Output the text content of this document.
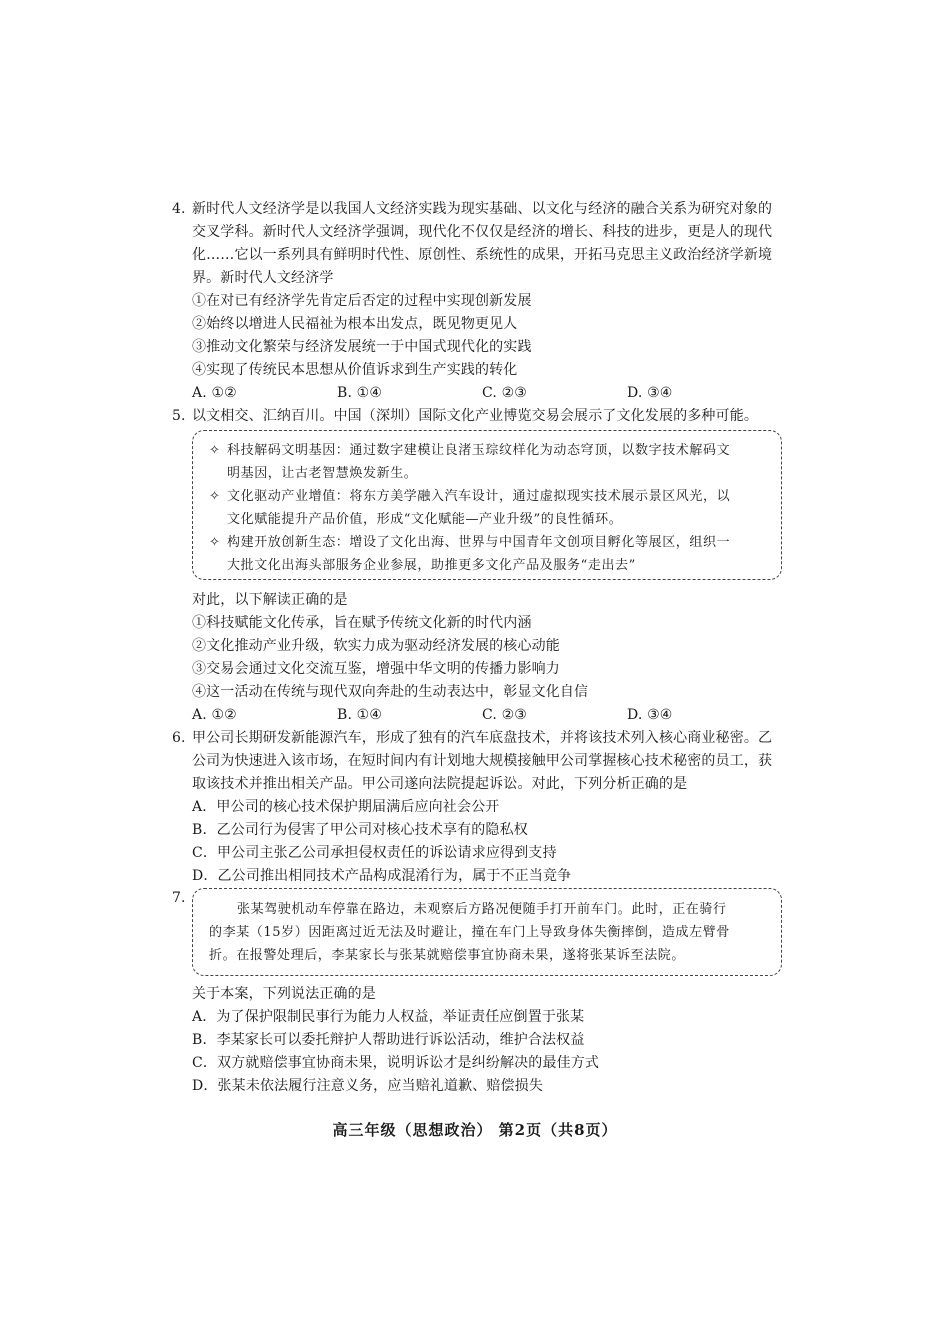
4. 新时代人文经济学是以我国人文经济实践为现实基础、以文化与经济的融合关系为研究对象的
交叉学科。新时代人文经济学强调，现代化不仅仅是经济的增长、科技的进步，更是人的现代
化……它以一系列具有鲜明时代性、原创性、系统性的成果，开拓马克思主义政治经济学新境
界。新时代人文经济学
①在对已有经济学先肯定后否定的过程中实现创新发展
②始终以增进人民福祉为根本出发点，既见物更见人
③推动文化繁荣与经济发展统一于中国式现代化的实践
④实现了传统民本思想从价值诉求到生产实践的转化
A. ①②	B. ①④	C. ②③	D. ③④
5. 以文相交、汇纳百川。中国（深圳）国际文化产业博览交易会展示了文化发展的多种可能。
✧ 科技解码文明基因：通过数字建模让良渚玉琮纹样化为动态穹顶，以数字技术解码文
明基因，让古老智慧焕发新生。
✧ 文化驱动产业增值：将东方美学融入汽车设计，通过虚拟现实技术展示景区风光，以
文化赋能提升产品价值，形成“文化赋能—产业升级”的良性循环。
✧ 构建开放创新生态：增设了文化出海、世界与中国青年文创项目孵化等展区，组织一
大批文化出海头部服务企业参展，助推更多文化产品及服务“走出去”
对此，以下解读正确的是
①科技赋能文化传承，旨在赋予传统文化新的时代内涵
②文化推动产业升级，软实力成为驱动经济发展的核心动能
③交易会通过文化交流互鉴，增强中华文明的传播力影响力
④这一活动在传统与现代双向奔赴的生动表达中，彰显文化自信
A. ①②	B. ①④	C. ②③	D. ③④
6. 甲公司长期研发新能源汽车，形成了独有的汽车底盘技术，并将该技术列入核心商业秘密。乙
公司为快速进入该市场，在短时间内有计划地大规模接触甲公司掌握核心技术秘密的员工，获
取该技术并推出相关产品。甲公司遂向法院提起诉讼。对此，下列分析正确的是
A．甲公司的核心技术保护期届满后应向社会公开
B．乙公司行为侵害了甲公司对核心技术享有的隐私权
C．甲公司主张乙公司承担侵权责任的诉讼请求应得到支持
D．乙公司推出相同技术产品构成混淆行为，属于不正当竞争
7.
张某驾驶机动车停靠在路边，未观察后方路况便随手打开前车门。此时，正在骑行
的李某（15岁）因距离过近无法及时避让，撞在车门上导致身体失衡摔倒，造成左臂骨
折。在报警处理后，李某家长与张某就赔偿事宜协商未果，遂将张某诉至法院。
关于本案，下列说法正确的是
A．为了保护限制民事行为能力人权益，举证责任应倒置于张某
B．李某家长可以委托辩护人帮助进行诉讼活动，维护合法权益
C．双方就赔偿事宜协商未果，说明诉讼才是纠纷解决的最佳方式
D．张某未依法履行注意义务，应当赔礼道歉、赔偿损失
高三年级（思想政治） 第2页（共8页）
